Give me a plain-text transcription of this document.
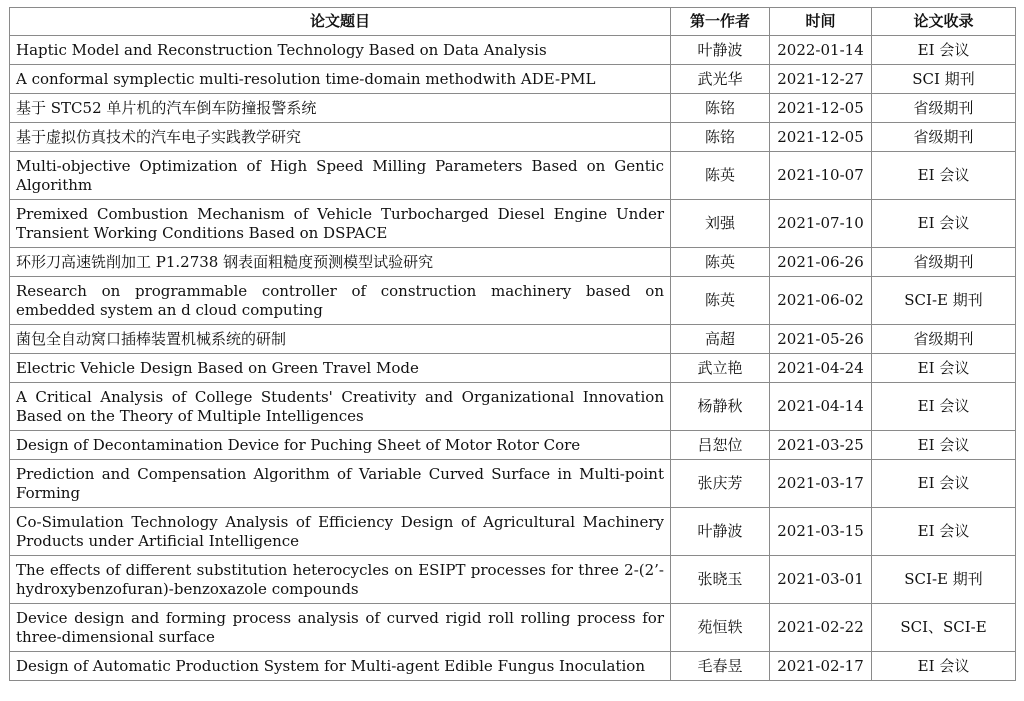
论文题目	第一作者	时间	论文收录
Haptic Model and Reconstruction Technology Based on Data Analysis	叶静波	2022-01-14	EI 会议
A conformal symplectic multi-resolution time-domain methodwith ADE-PML	武光华	2021-12-27	SCI 期刊
基于 STC52 单片机的汽车倒车防撞报警系统	陈铭	2021-12-05	省级期刊
基于虚拟仿真技术的汽车电子实践教学研究	陈铭	2021-12-05	省级期刊
Multi-objective Optimization of High Speed Milling Parameters Based on Gentic Algorithm	陈英	2021-10-07	EI 会议
Premixed Combustion Mechanism of Vehicle Turbocharged Diesel Engine Under Transient Working Conditions Based on DSPACE	刘强	2021-07-10	EI 会议
环形刀高速铣削加工 P1.2738 钢表面粗糙度预测模型试验研究	陈英	2021-06-26	省级期刊
Research on programmable controller of construction machinery based on embedded system an d cloud computing	陈英	2021-06-02	SCI-E 期刊
菌包全自动窝口插棒装置机械系统的研制	高超	2021-05-26	省级期刊
Electric Vehicle Design Based on Green Travel Mode	武立艳	2021-04-24	EI 会议
A Critical Analysis of College Students' Creativity and Organizational Innovation Based on the Theory of Multiple Intelligences	杨静秋	2021-04-14	EI 会议
Design of Decontamination Device for Puching Sheet of Motor Rotor Core	吕恕位	2021-03-25	EI 会议
Prediction and Compensation Algorithm of Variable Curved Surface in Multi-point Forming	张庆芳	2021-03-17	EI 会议
Co-Simulation Technology Analysis of Efficiency Design of Agricultural Machinery Products under Artificial Intelligence	叶静波	2021-03-15	EI 会议
The effects of different substitution heterocycles on ESIPT processes for three 2-(2’-hydroxybenzofuran)-benzoxazole compounds	张晓玉	2021-03-01	SCI-E 期刊
Device design and forming process analysis of curved rigid roll rolling process for three-dimensional surface	苑恒轶	2021-02-22	SCI、SCI-E
Design of Automatic Production System for Multi-agent Edible Fungus Inoculation	毛春昱	2021-02-17	EI 会议
